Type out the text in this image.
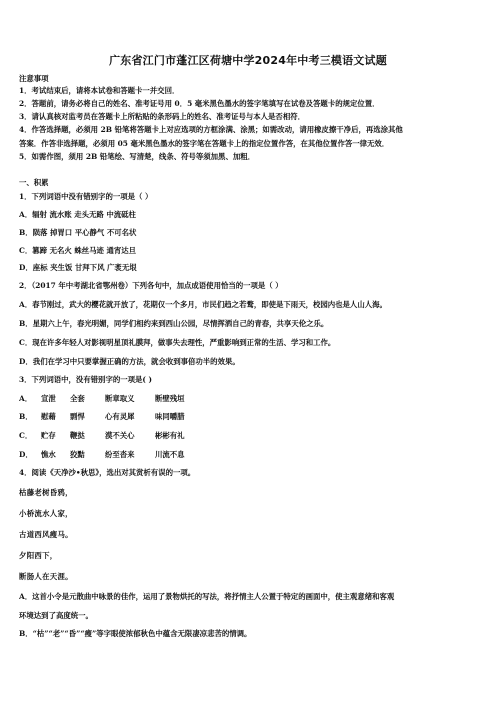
广东省江门市蓬江区荷塘中学2024年中考三模语文试题
注意事项
1．考试结束后，请将本试卷和答题卡一并交回．
2．答题前，请务必将自己的姓名、准考证号用 0．5 毫米黑色墨水的签字笔填写在试卷及答题卡的规定位置．
3．请认真核对监考员在答题卡上所粘贴的条形码上的姓名、准考证号与本人是否相符．
4．作答选择题，必须用 2B 铅笔将答题卡上对应选项的方框涂满、涂黑；如需改动，请用橡皮擦干净后，再选涂其他
答案．作答非选择题，必须用 05 毫米黑色墨水的签字笔在答题卡上的指定位置作答，在其他位置作答一律无效．
5．如需作图，须用 2B 铅笔绘、写清楚，线条、符号等须加黑、加粗．
一、积累
1．下列词语中没有错别字的一项是（ ）
A．辐射 流水账 走头无路 中流砥柱
B．陨落 掉胃口 平心静气 不可名状
C．篡蹄 无名火 蛛丝马迹 通宵达旦
D．座标 夹生饭 甘拜下风 广袤无垠
2．（2017 年中考湖北省鄂州卷）下列各句中，加点成语使用恰当的一项是（ ）
A．春节刚过，武大的樱花就开放了，花期仅一个多月，市民们趋之若鹜，即使是下雨天，校园内也是人山人海。
B．星期六上午，春光明媚，同学们相约来到西山公园，尽情挥洒自己的青春，共享天伦之乐。
C．现在许多年轻人对影视明星顶礼膜拜，做事失去理性，严重影响到正常的生活、学习和工作。
D．我们在学习中只要掌握正确的方法，就会收到事倍功半的效果。
3．下列词语中，没有错别字的一项是( )
A．	宣泄	全套	断章取义	断壁残垣
B．	慰藉	剽悍	心有灵犀	味同嚼腊
C．	贮存	鞭挞	漠不关心	彬彬有礼
D．	憔水	狡黠	纷至沓来	川流不息
4．阅读《天净沙•秋思》，选出对其赏析有误的一项。
枯藤老树昏鸦，
小桥流水人家，
古道西风瘦马。
夕阳西下，
断肠人在天涯。
A．这首小令是元散曲中咏景的佳作，运用了景物烘托的写法，将抒情主人公置于特定的画面中，使主观意绪和客观
环境达到了高度统一。
B．“枯”“老”“昏”“瘦”等字眼使浓郁秋色中蕴含无限凄凉悲苦的情调。
